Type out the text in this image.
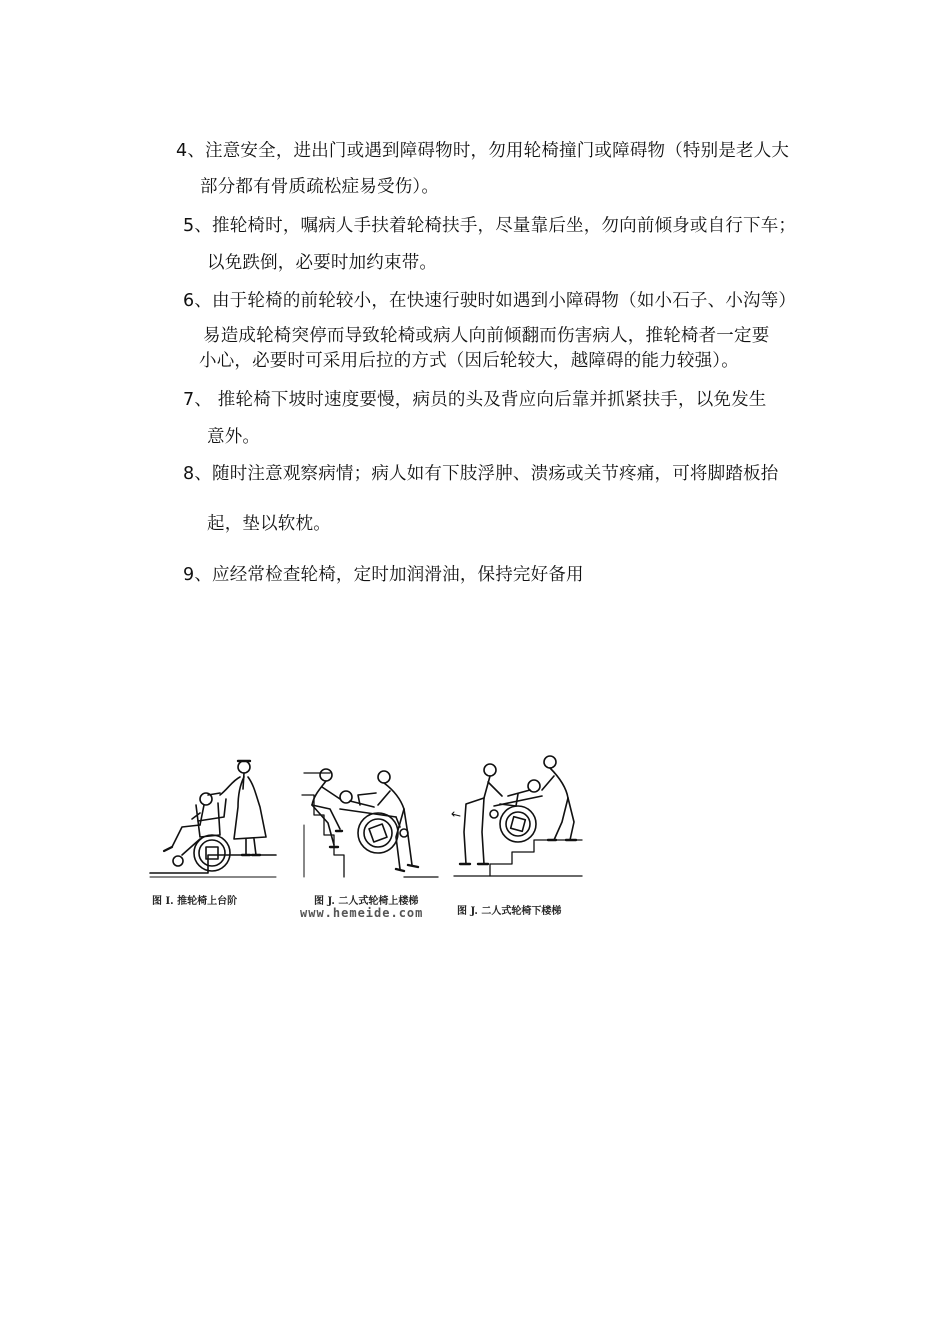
4、注意安全，进出门或遇到障碍物时，勿用轮椅撞门或障碍物（特别是老人大
部分都有骨质疏松症易受伤）。
5、推轮椅时，嘱病人手扶着轮椅扶手，尽量靠后坐，勿向前倾身或自行下车；
以免跌倒，必要时加约束带。
6、由于轮椅的前轮较小，在快速行驶时如遇到小障碍物（如小石子、小沟等）
易造成轮椅突停而导致轮椅或病人向前倾翻而伤害病人，推轮椅者一定要
小心，必要时可采用后拉的方式（因后轮较大，越障碍的能力较强）。
7、 推轮椅下坡时速度要慢，病员的头及背应向后靠并抓紧扶手，以免发生
意外。
8、随时注意观察病情；病人如有下肢浮肿、溃疡或关节疼痛，可将脚踏板抬
起，垫以软枕。
9、应经常检查轮椅，定时加润滑油，保持完好备用
图 I. 推轮椅上台阶	图 J. 二人式轮椅上楼梯
www.hemeide.com	图 J. 二人式轮椅下楼梯
